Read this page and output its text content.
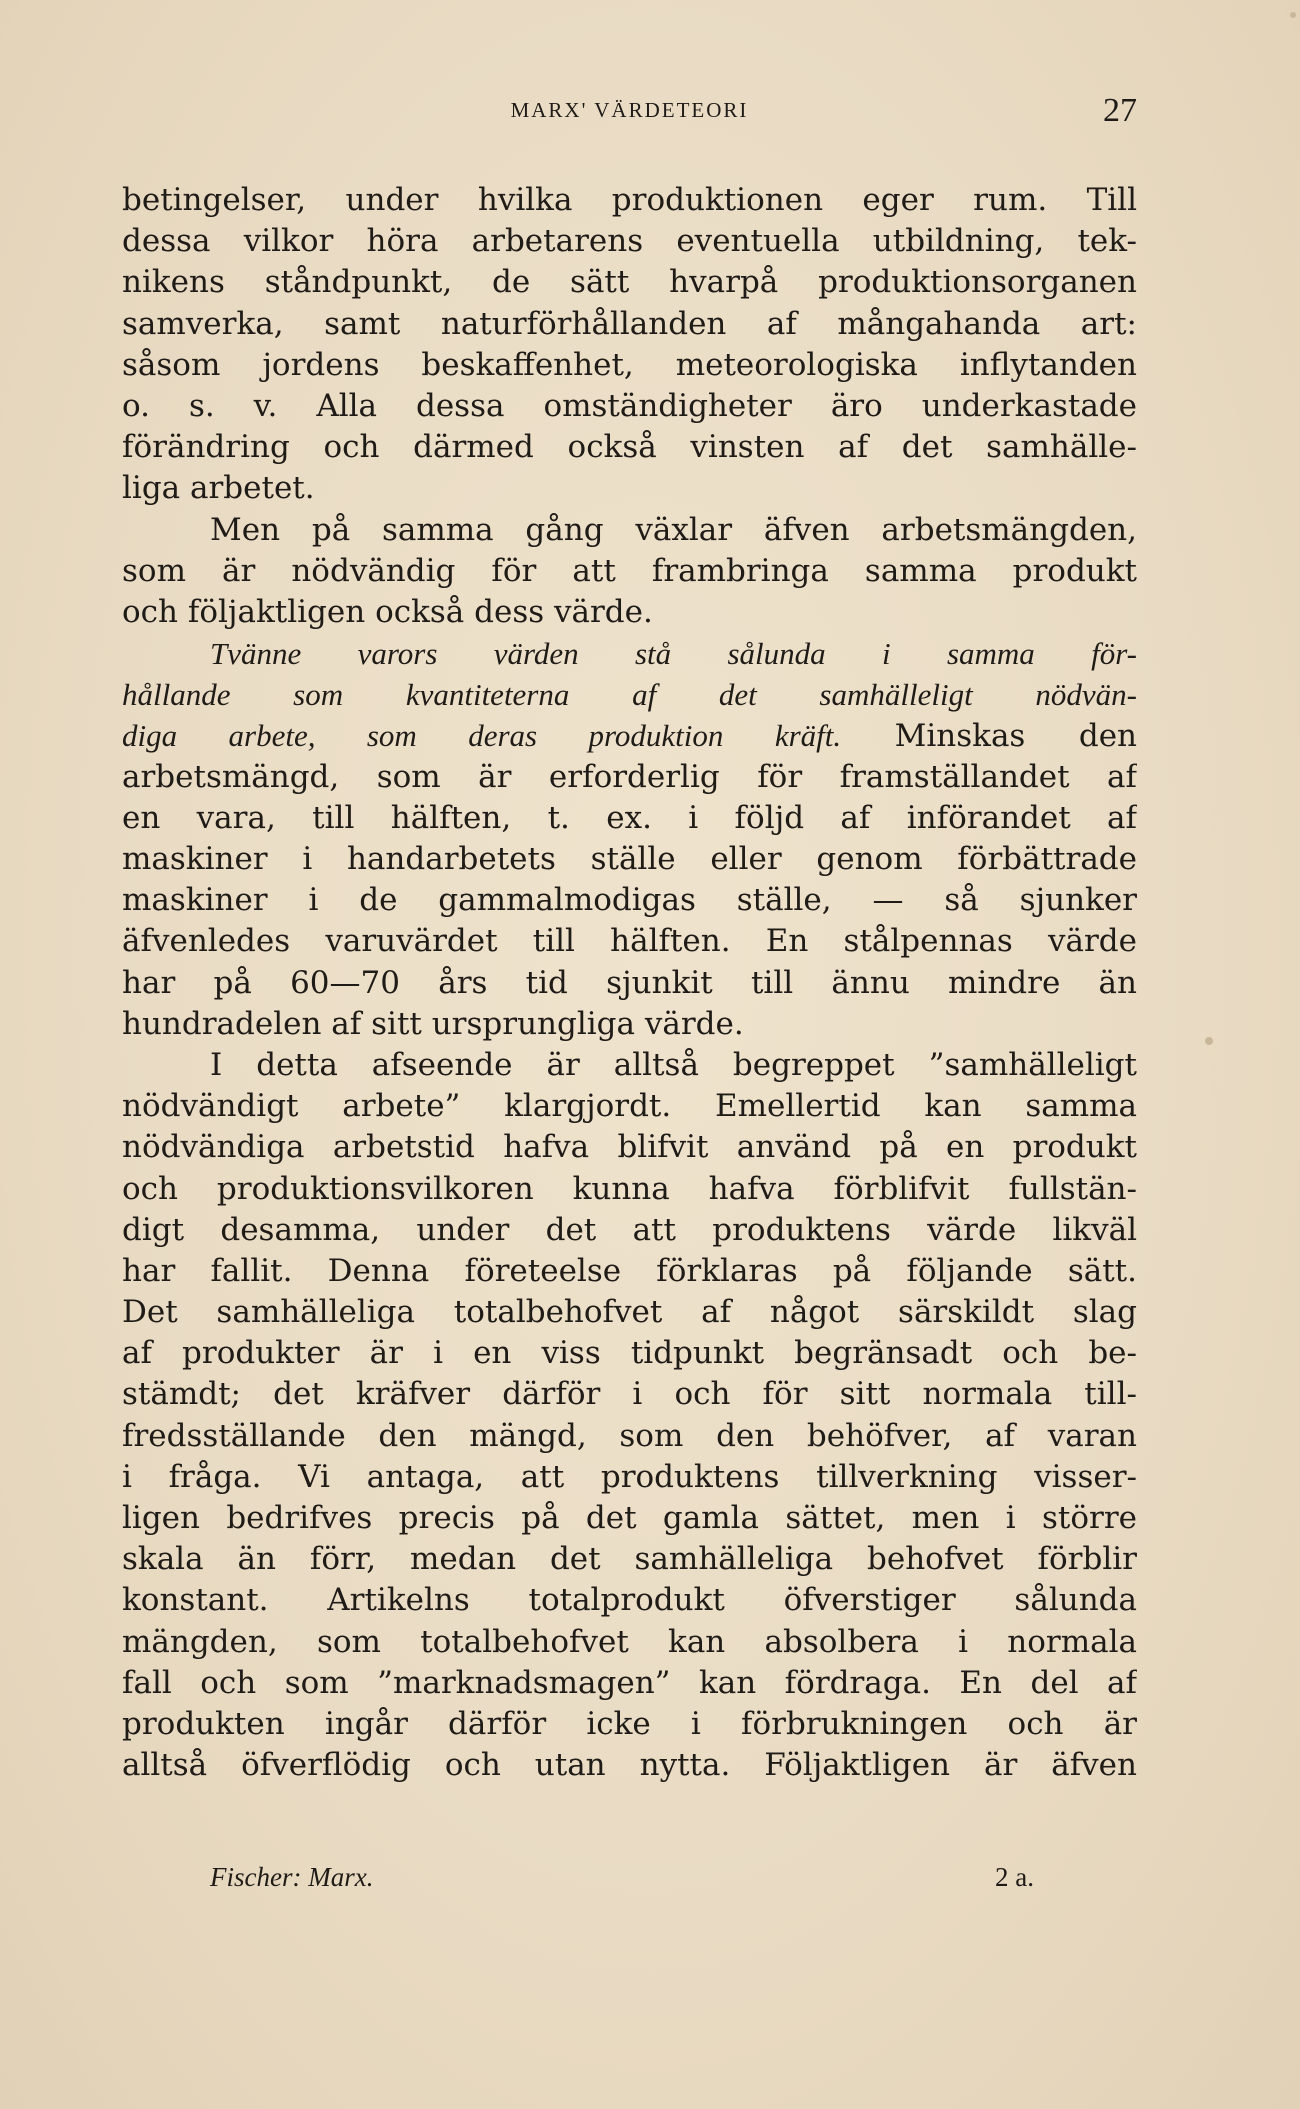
MARX' VÄRDETEORI	27
betingelser, under hvilka produktionen eger rum. Till
dessa vilkor höra arbetarens eventuella utbildning, tek-
nikens ståndpunkt, de sätt hvarpå produktionsorganen
samverka, samt naturförhållanden af mångahanda art:
såsom jordens beskaffenhet, meteorologiska inflytanden
o. s. v. Alla dessa omständigheter äro underkastade
förändring och därmed också vinsten af det samhälle-
liga arbetet.
Men på samma gång växlar äfven arbetsmängden,
som är nödvändig för att frambringa samma produkt
och följaktligen också dess värde.
Tvänne varors värden stå sålunda i samma för-
hållande som kvantiteterna af det samhälleligt nödvän-
diga arbete, som deras produktion kräft. Minskas den
arbetsmängd, som är erforderlig för framställandet af
en vara, till hälften, t. ex. i följd af införandet af
maskiner i handarbetets ställe eller genom förbättrade
maskiner i de gammalmodigas ställe, — så sjunker
äfvenledes varuvärdet till hälften. En stålpennas värde
har på 60—70 års tid sjunkit till ännu mindre än
hundradelen af sitt ursprungliga värde.
I detta afseende är alltså begreppet ”samhälleligt
nödvändigt arbete” klargjordt. Emellertid kan samma
nödvändiga arbetstid hafva blifvit använd på en produkt
och produktionsvilkoren kunna hafva förblifvit fullstän-
digt desamma, under det att produktens värde likväl
har fallit. Denna företeelse förklaras på följande sätt.
Det samhälleliga totalbehofvet af något särskildt slag
af produkter är i en viss tidpunkt begränsadt och be-
stämdt; det kräfver därför i och för sitt normala till-
fredsställande den mängd, som den behöfver, af varan
i fråga. Vi antaga, att produktens tillverkning visser-
ligen bedrifves precis på det gamla sättet, men i större
skala än förr, medan det samhälleliga behofvet förblir
konstant. Artikelns totalprodukt öfverstiger sålunda
mängden, som totalbehofvet kan absolbera i normala
fall och som ”marknadsmagen” kan fördraga. En del af
produkten ingår därför icke i förbrukningen och är
alltså öfverflödig och utan nytta. Följaktligen är äfven
Fischer: Marx.	2 a.
